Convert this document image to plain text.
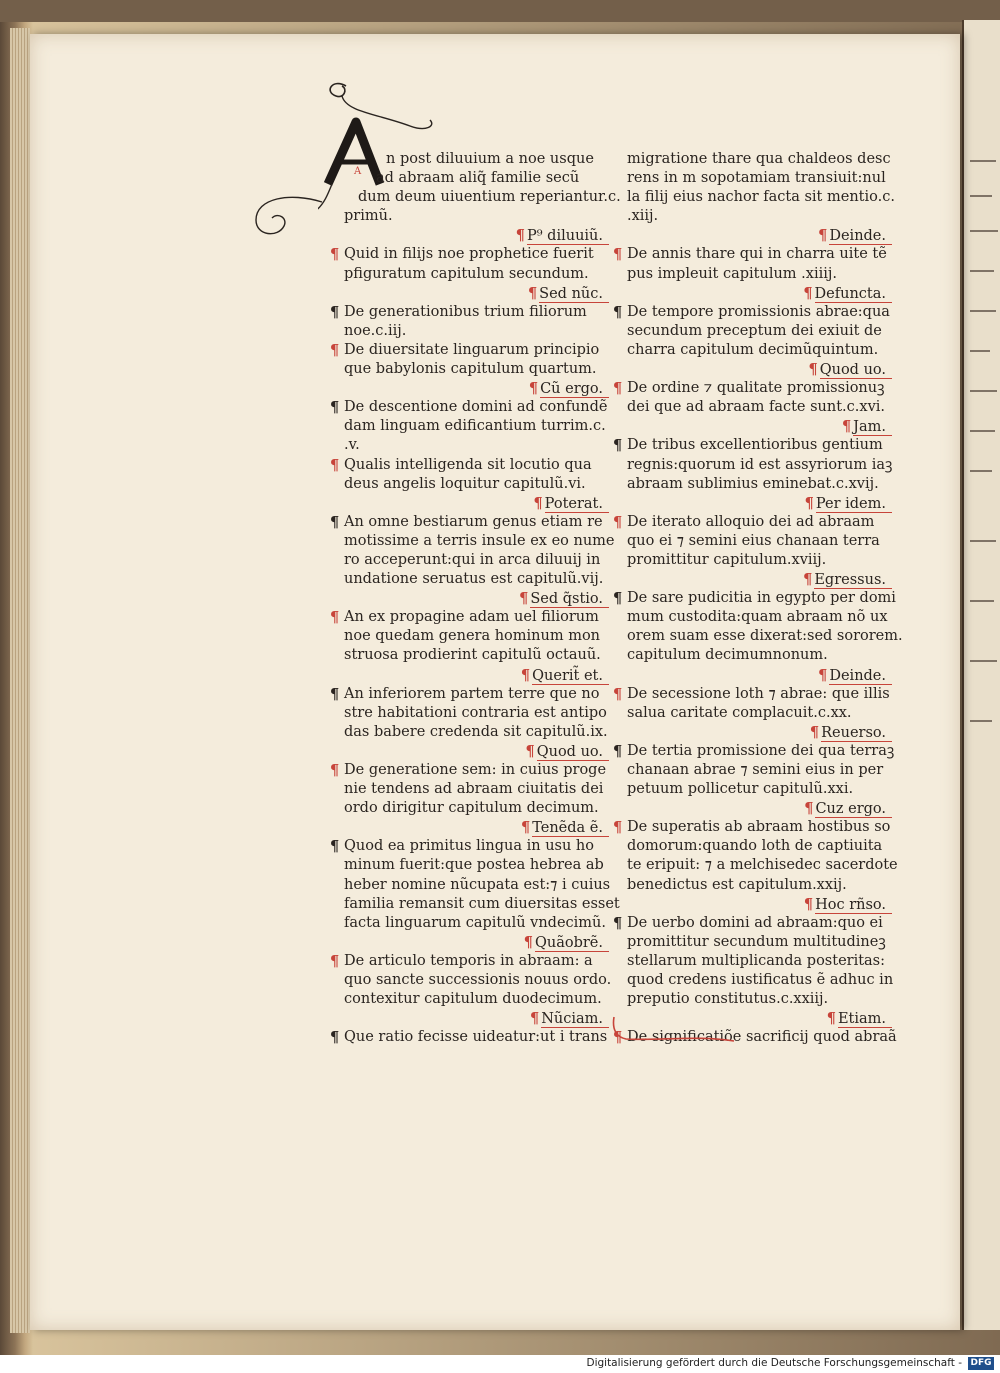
A
n post diluuium a noe usque
ad abraam aliq̃ familie secũ
dum deum uiuentium reperiantur.c.
primũ.
¶ P⁹ diluuiũ.
¶ Quid in filijs noe prophetice fuerit
pfiguratum capitulum secundum.
¶ Sed nũc.
¶ De generationibus trium filiorum
noe.c.iij.
¶ De diuersitate linguarum principio
que babylonis capitulum quartum.
¶ Cũ ergo.
¶ De descentione domini ad confundẽ
dam linguam edificantium turrim.c.
.v.
¶ Qualis intelligenda sit locutio qua
deus angelis loquitur capitulũ.vi.
¶ Poterat.
¶ An omne bestiarum genus etiam re
motissime a terris insule ex eo nume
ro acceperunt:qui in arca diluuij in
undatione seruatus est capitulũ.vij.
¶ Sed q̃stio.
¶ An ex propagine adam uel filiorum
noe quedam genera hominum mon
struosa prodierint capitulũ octauũ.
¶ Querit̃ et.
¶ An inferiorem partem terre que no
stre habitationi contraria est antipo
das babere credenda sit capitulũ.ix.
¶ Quod uo.
¶ De generatione sem: in cuius proge
nie tendens ad abraam ciuitatis dei
ordo dirigitur capitulum decimum.
¶ Tenẽda ẽ.
¶ Quod ea primitus lingua in usu ho
minum fuerit:que postea hebrea ab
heber nomine nũcupata est:⁊ i cuius
familia remansit cum diuersitas esset
facta linguarum capitulũ vndecimũ.
¶ Quãobrẽ.
¶ De articulo temporis in abraam: a
quo sancte successionis nouus ordo.
contexitur capitulum duodecimum.
¶ Nũciam.
¶ Que ratio fecisse uideatur:ut i trans
migratione thare qua chaldeos desc
rens in m sopotamiam transiuit:nul
la filij eius nachor facta sit mentio.c.
.xiij.
¶ Deinde.
¶ De annis thare qui in charra uite tẽ
pus impleuit capitulum .xiiij.
¶ Defuncta.
¶ De tempore promissionis abrae:qua
secundum preceptum dei exiuit de
charra capitulum decimũquintum.
¶ Quod uo.
¶ De ordine ⁊ qualitate promissionuꝫ
dei que ad abraam facte sunt.c.xvi.
¶ Jam.
¶ De tribus excellentioribus gentium
regnis:quorum id est assyriorum iaꝫ
abraam sublimius eminebat.c.xvij.
¶ Per idem.
¶ De iterato alloquio dei ad abraam
quo ei ⁊ semini eius chanaan terra
promittitur capitulum.xviij.
¶ Egressus.
¶ De sare pudicitia in egypto per domi
mum custodita:quam abraam nõ ux
orem suam esse dixerat:sed sororem.
capitulum decimumnonum.
¶ Deinde.
¶ De secessione loth ⁊ abrae: que illis
salua caritate complacuit.c.xx.
¶ Reuerso.
¶ De tertia promissione dei qua terraꝫ
chanaan abrae ⁊ semini eius in per
petuum pollicetur capitulũ.xxi.
¶ Cuz ergo.
¶ De superatis ab abraam hostibus so
domorum:quando loth de captiuita
te eripuit: ⁊ a melchisedec sacerdote
benedictus est capitulum.xxij.
¶ Hoc rñso.
¶ De uerbo domini ad abraam:quo ei
promittitur secundum multitudineꝫ
stellarum multiplicanda posteritas:
quod credens iustificatus ẽ adhuc in
preputio constitutus.c.xxiij.
¶ Etiam.
¶ De significatiõe sacrificij quod abraã
Digitalisierung gefördert durch die Deutsche Forschungsgemeinschaft - DFG
